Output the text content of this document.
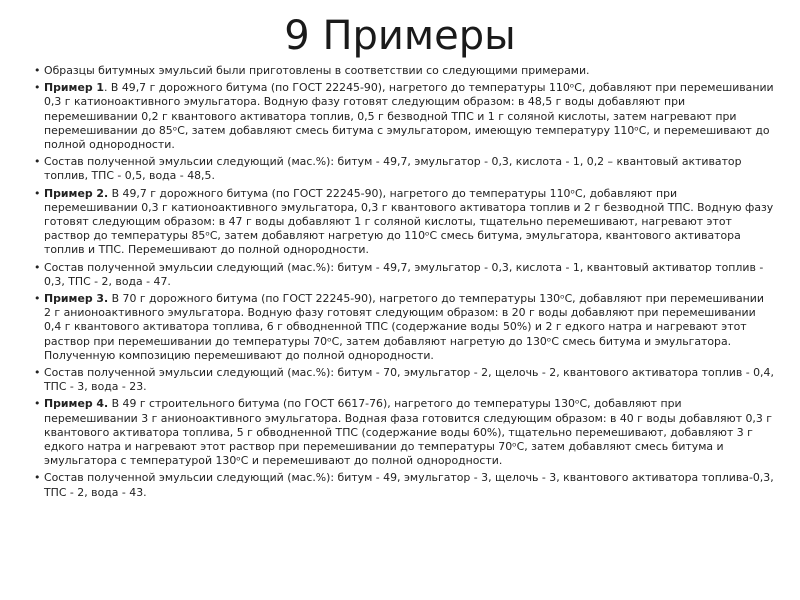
9 Примеры
• Образцы битумных эмульсий были приготовлены в соответствии со следующими примерами.
• Пример 1. В 49,7 г дорожного битума (по ГОСТ 22245-90), нагретого до температуры 110ᵒС, добавляют при перемешивании 0,3 г катионоактивного эмульгатора. Водную фазу готовят следующим образом: в 48,5 г воды добавляют при перемешивании 0,2 г квантового активатора топлив, 0,5 г безводной ТПС и 1 г соляной кислоты, затем нагревают при перемешивании до 85ᵒС, затем добавляют смесь битума с эмульгатором, имеющую температуру 110ᵒС, и перемешивают до полной однородности.
• Состав полученной эмульсии следующий (мас.%): битум - 49,7, эмульгатор - 0,3, кислота - 1, 0,2 – квантовый активатор топлив, ТПС - 0,5, вода - 48,5.
• Пример 2. В 49,7 г дорожного битума (по ГОСТ 22245-90), нагретого до температуры 110ᵒС, добавляют при перемешивании 0,3 г катионоактивного эмульгатора, 0,3 г квантового активатора топлив и 2 г безводной ТПС. Водную фазу готовят следующим образом: в 47 г воды добавляют 1 г соляной кислоты, тщательно перемешивают, нагревают этот раствор до температуры 85ᵒС, затем добавляют нагретую до 110ᵒС смесь битума, эмульгатора, квантового активатора топлив и ТПС. Перемешивают до полной однородности.
• Состав полученной эмульсии следующий (мас.%): битум - 49,7, эмульгатор - 0,3, кислота - 1, квантовый активатор топлив - 0,3, ТПС - 2, вода - 47.
• Пример 3. В 70 г дорожного битума (по ГОСТ 22245-90), нагретого до температуры 130ᵒС, добавляют при перемешивании 2 г анионоактивного эмульгатора. Водную фазу готовят следующим образом: в 20 г воды добавляют при перемешивании 0,4 г квантового активатора топлива, 6 г обводненной ТПС (содержание воды 50%) и 2 г едкого натра и нагревают этот раствор при перемешивании до температуры 70ᵒС, затем добавляют нагретую до 130ᵒС смесь битума и эмульгатора. Полученную композицию перемешивают до полной однородности.
• Состав полученной эмульсии следующий (мас.%): битум - 70, эмульгатор - 2, щелочь - 2, квантового активатора топлив - 0,4, ТПС - 3, вода - 23.
• Пример 4. В 49 г строительного битума (по ГОСТ 6617-76), нагретого до температуры 130ᵒС, добавляют при перемешивании 3 г анионоактивного эмульгатора. Водная фаза готовится следующим образом: в 40 г воды добавляют 0,3 г квантового активатора топлива, 5 г обводненной ТПС (содержание воды 60%), тщательно перемешивают, добавляют 3 г едкого натра и нагревают этот раствор при перемешивании до температуры 70ᵒС, затем добавляют смесь битума и эмульгатора с температурой 130ᵒС и перемешивают до полной однородности.
• Состав полученной эмульсии следующий (мас.%): битум - 49, эмульгатор - 3, щелочь - 3, квантового активатора топлива-0,3, ТПС - 2, вода - 43.
